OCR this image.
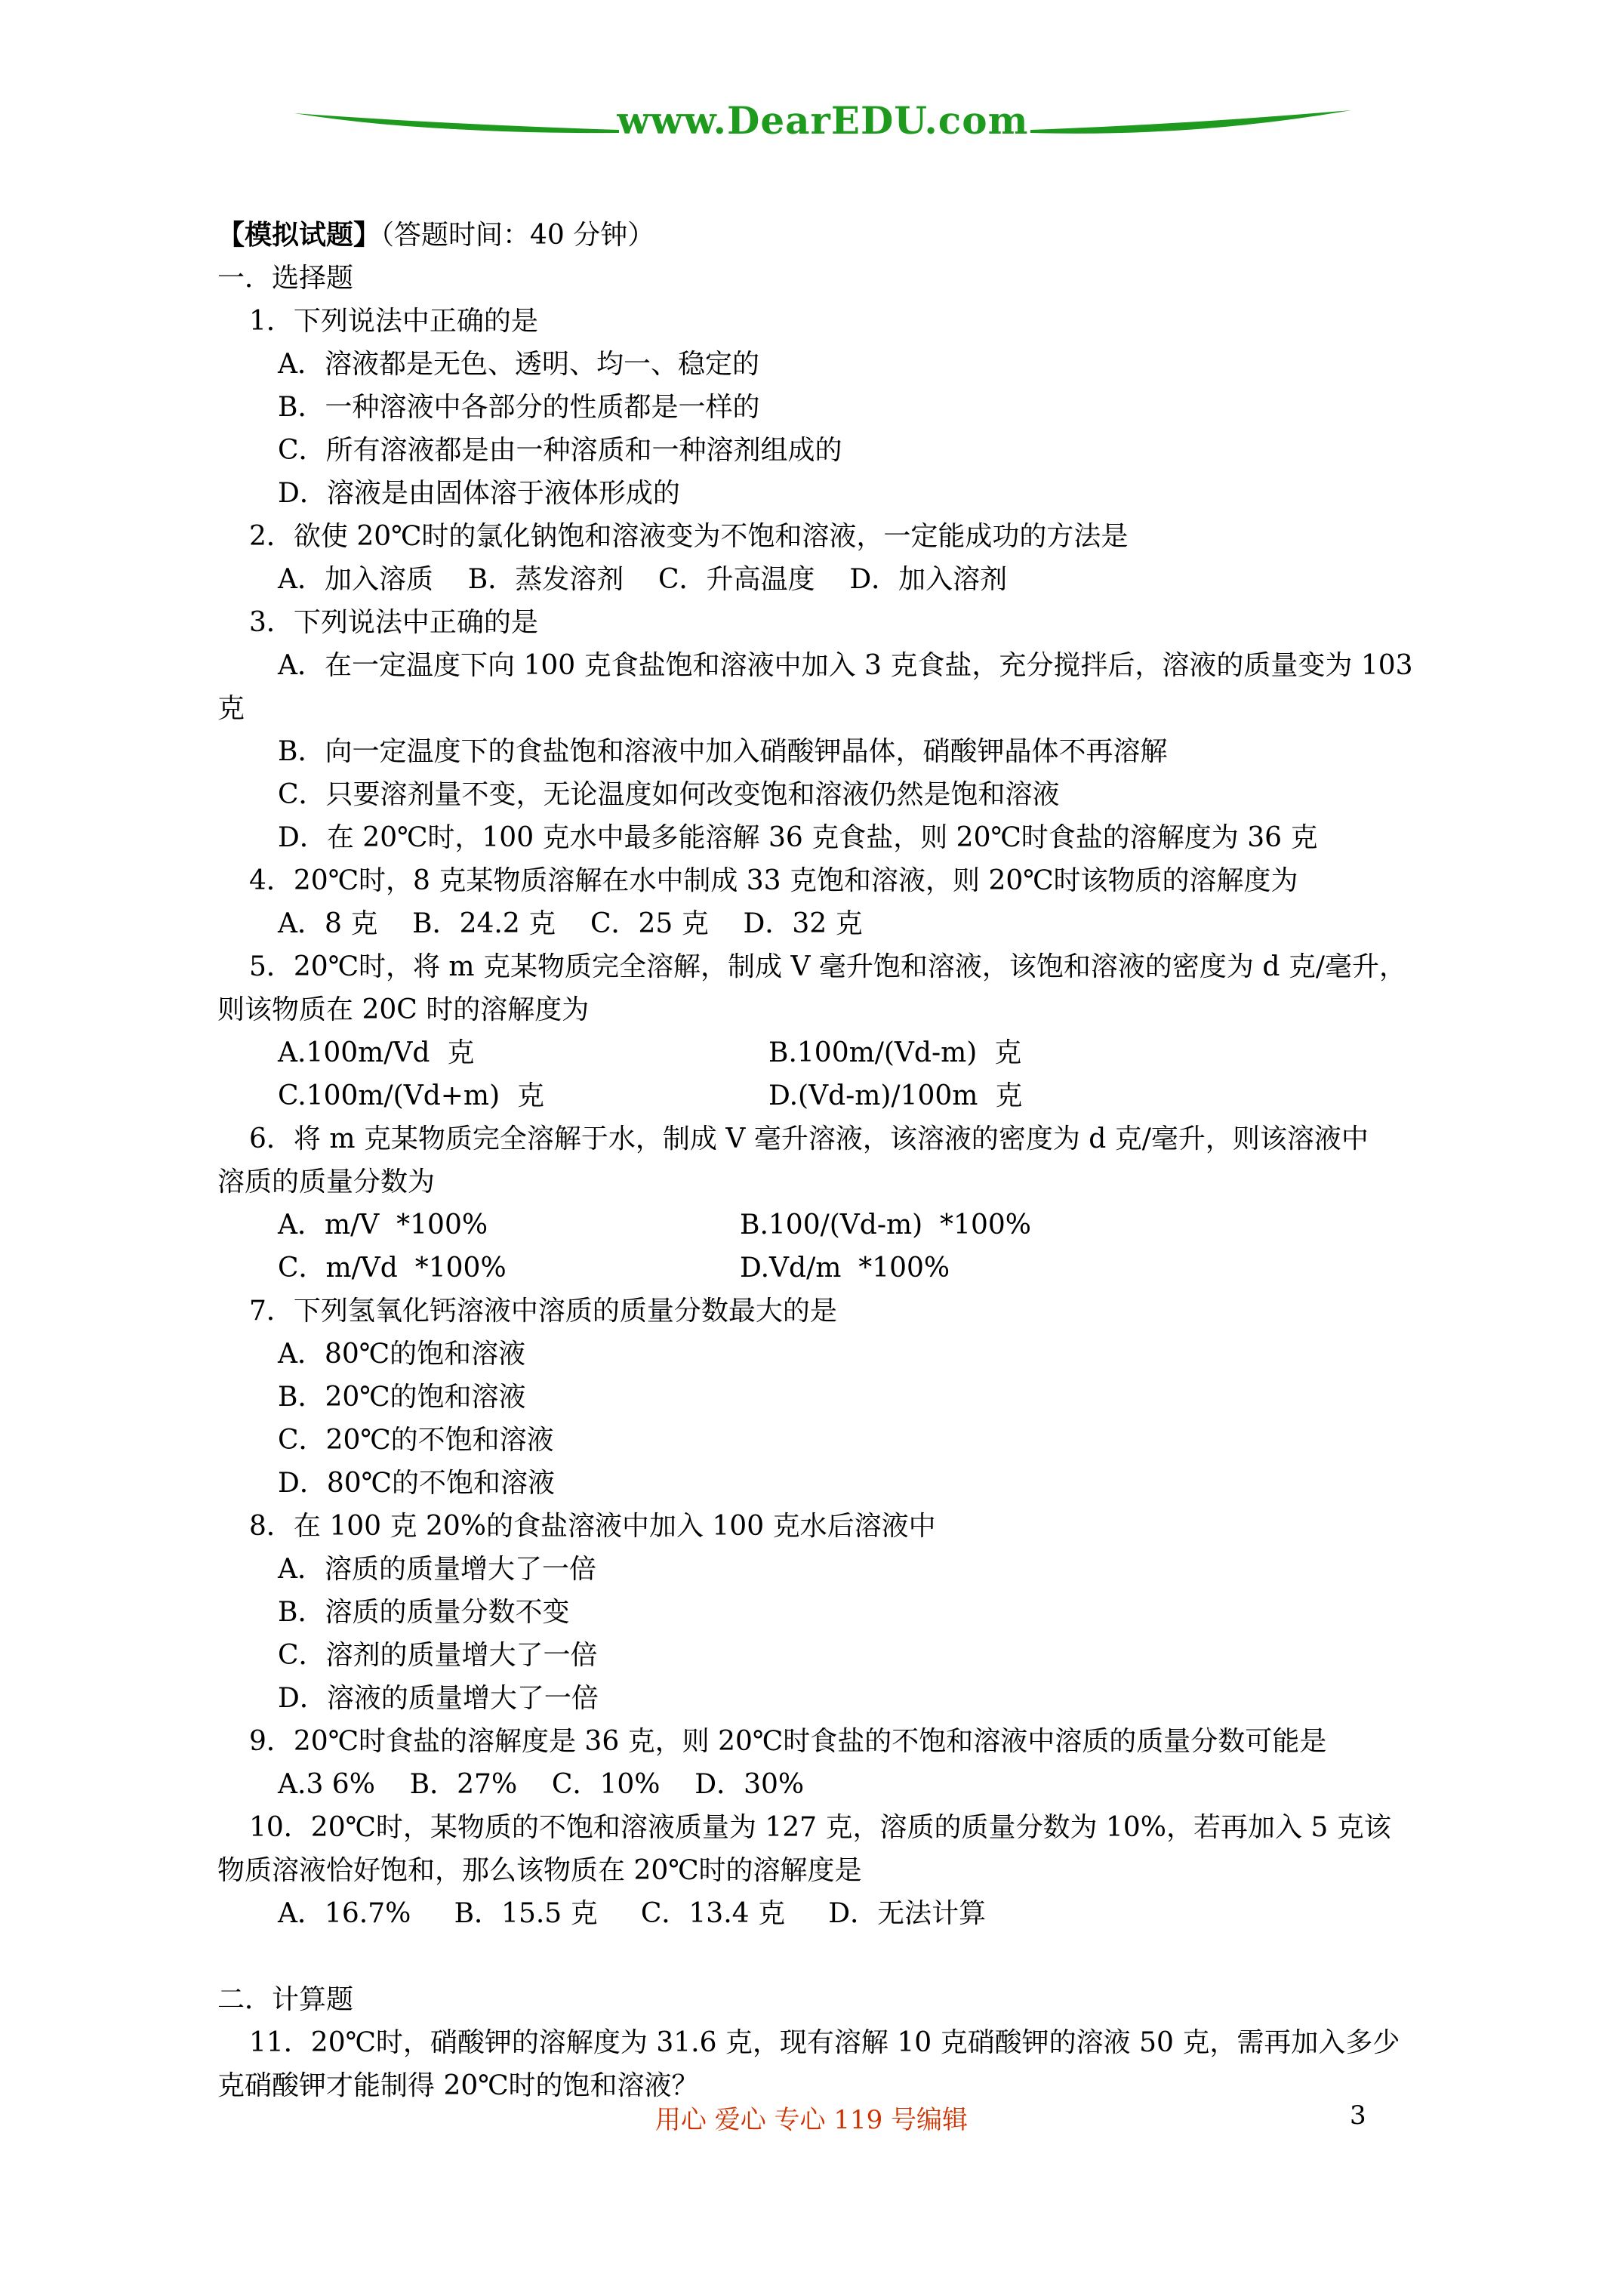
www.DearEDU.com
【模拟试题】（答题时间：40 分钟）
一．选择题
1．下列说法中正确的是
A．溶液都是无色、透明、均一、稳定的
B．一种溶液中各部分的性质都是一样的
C．所有溶液都是由一种溶质和一种溶剂组成的
D．溶液是由固体溶于液体形成的
2．欲使 20℃时的氯化钠饱和溶液变为不饱和溶液，一定能成功的方法是
A．加入溶质    B．蒸发溶剂    C．升高温度    D．加入溶剂
3．下列说法中正确的是
A．在一定温度下向 100 克食盐饱和溶液中加入 3 克食盐，充分搅拌后，溶液的质量变为 103
克
B．向一定温度下的食盐饱和溶液中加入硝酸钾晶体，硝酸钾晶体不再溶解
C．只要溶剂量不变，无论温度如何改变饱和溶液仍然是饱和溶液
D．在 20℃时，100 克水中最多能溶解 36 克食盐，则 20℃时食盐的溶解度为 36 克
4．20℃时，8 克某物质溶解在水中制成 33 克饱和溶液，则 20℃时该物质的溶解度为
A．8 克    B．24.2 克    C．25 克    D．32 克
5．20℃时，将 m 克某物质完全溶解，制成 V 毫升饱和溶液，该饱和溶液的密度为 d 克/毫升，
则该物质在 20C 时的溶解度为
A.100m/Vd  克	B.100m/(Vd-m)  克
C.100m/(Vd+m)  克	D.(Vd-m)/100m  克
6．将 m 克某物质完全溶解于水，制成 V 毫升溶液，该溶液的密度为 d 克/毫升，则该溶液中
溶质的质量分数为
A．m/V  *100%	B.100/(Vd-m)  *100%
C．m/Vd  *100%	D.Vd/m  *100%
7．下列氢氧化钙溶液中溶质的质量分数最大的是
A．80℃的饱和溶液
B．20℃的饱和溶液
C．20℃的不饱和溶液
D．80℃的不饱和溶液
8．在 100 克 20%的食盐溶液中加入 100 克水后溶液中
A．溶质的质量增大了一倍
B．溶质的质量分数不变
C．溶剂的质量增大了一倍
D．溶液的质量增大了一倍
9．20℃时食盐的溶解度是 36 克，则 20℃时食盐的不饱和溶液中溶质的质量分数可能是
A.3 6%    B．27%    C．10%    D．30%
10．20℃时，某物质的不饱和溶液质量为 127 克，溶质的质量分数为 10%，若再加入 5 克该
物质溶液恰好饱和，那么该物质在 20℃时的溶解度是
A．16.7%     B．15.5 克     C．13.4 克     D．无法计算
二．计算题
11．20℃时，硝酸钾的溶解度为 31.6 克，现有溶解 10 克硝酸钾的溶液 50 克，需再加入多少
克硝酸钾才能制得 20℃时的饱和溶液？
用心 爱心 专心 119 号编辑	3
